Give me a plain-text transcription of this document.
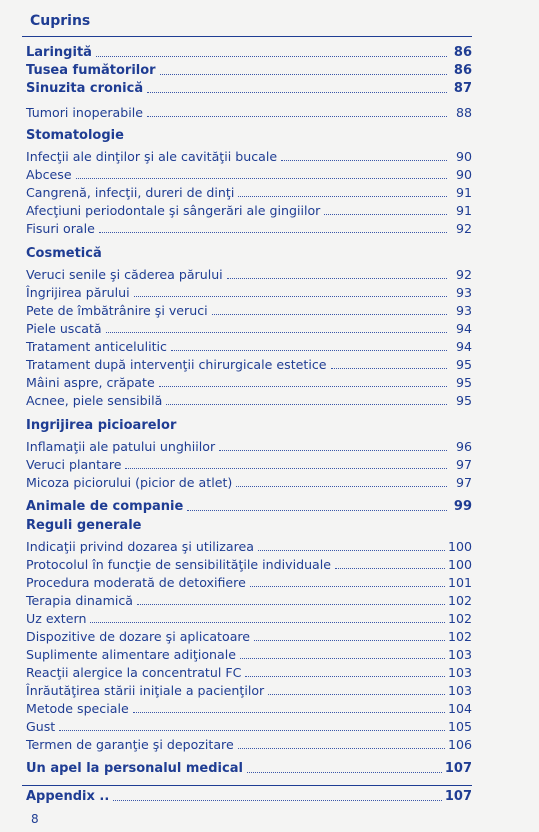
Cuprins
Laringită	86
Tusea fumătorilor	86
Sinuzita cronică	87
Tumori inoperabile	88
Stomatologie
Infecţii ale dinţilor şi ale cavităţii bucale	90
Abcese	90
Cangrenă, infecţii, dureri de dinţi	91
Afecţiuni periodontale şi sângerări ale gingiilor	91
Fisuri orale	92
Cosmetică
Veruci senile şi căderea părului	92
Îngrijirea părului	93
Pete de îmbătrânire şi veruci	93
Piele uscată	94
Tratament anticelulitic	94
Tratament după intervenţii chirurgicale estetice	95
Mâini aspre, crăpate	95
Acnee, piele sensibilă	95
Ingrijirea picioarelor
Inflamaţii ale patului unghiilor	96
Veruci plantare	97
Micoza piciorului (picior de atlet)	97
Animale de companie	99
Reguli generale
Indicaţii privind dozarea şi utilizarea	100
Protocolul în funcţie de sensibilităţile individuale	100
Procedura moderată de detoxifiere	101
Terapia dinamică	102
Uz extern	102
Dispozitive de dozare şi aplicatoare	102
Suplimente alimentare adiţionale	103
Reacţii alergice la concentratul FC	103
Înrăutăţirea stării iniţiale a pacienţilor	103
Metode speciale	104
Gust	105
Termen de garanţie şi depozitare	106
Un apel la personalul medical	107
Appendix ..	107
8
